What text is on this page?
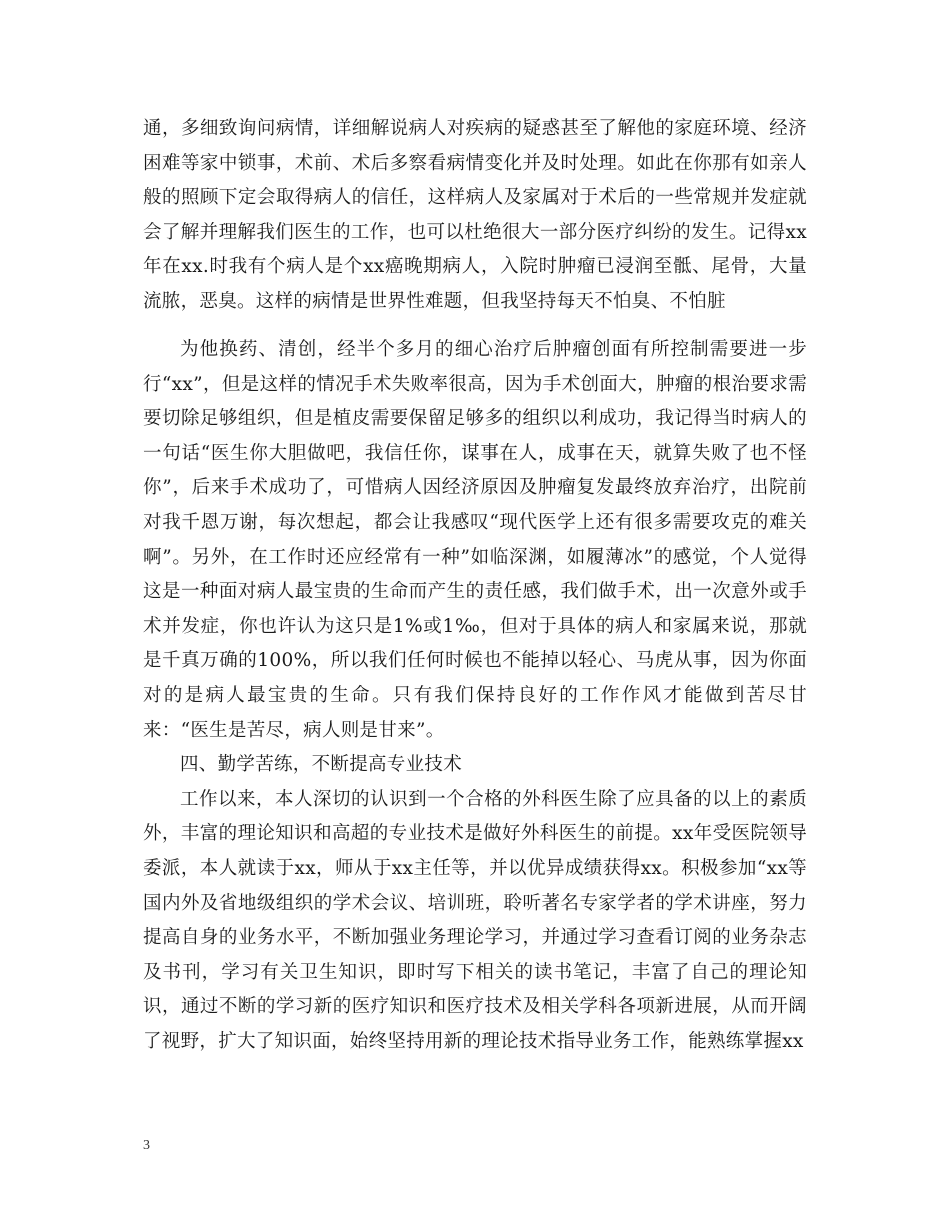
通，多细致询问病情，详细解说病人对疾病的疑惑甚至了解他的家庭环境、经济困难等家中锁事，术前、术后多察看病情变化并及时处理。如此在你那有如亲人般的照顾下定会取得病人的信任，这样病人及家属对于术后的一些常规并发症就会了解并理解我们医生的工作，也可以杜绝很大一部分医疗纠纷的发生。记得xx年在xx.时我有个病人是个xx癌晚期病人，入院时肿瘤已浸润至骶、尾骨，大量流脓，恶臭。这样的病情是世界性难题，但我坚持每天不怕臭、不怕脏

为他换药、清创，经半个多月的细心治疗后肿瘤创面有所控制需要进一步行“xx”，但是这样的情况手术失败率很高，因为手术创面大，肿瘤的根治要求需要切除足够组织，但是植皮需要保留足够多的组织以利成功，我记得当时病人的一句话“医生你大胆做吧，我信任你，谋事在人，成事在天，就算失败了也不怪你”，后来手术成功了，可惜病人因经济原因及肿瘤复发最终放弃治疗，出院前对我千恩万谢，每次想起，都会让我感叹“现代医学上还有很多需要攻克的难关啊”。另外，在工作时还应经常有一种”如临深渊，如履薄冰”的感觉，个人觉得这是一种面对病人最宝贵的生命而产生的责任感，我们做手术，出一次意外或手术并发症，你也许认为这只是1%或1‰，但对于具体的病人和家属来说，那就是千真万确的100%，所以我们任何时候也不能掉以轻心、马虎从事，因为你面对的是病人最宝贵的生命。只有我们保持良好的工作作风才能做到苦尽甘来：“医生是苦尽，病人则是甘来”。

四、勤学苦练，不断提高专业技术

工作以来，本人深切的认识到一个合格的外科医生除了应具备的以上的素质外，丰富的理论知识和高超的专业技术是做好外科医生的前提。xx年受医院领导委派，本人就读于xx，师从于xx主任等，并以优异成绩获得xx。积极参加“xx等国内外及省地级组织的学术会议、培训班，聆听著名专家学者的学术讲座，努力提高自身的业务水平，不断加强业务理论学习，并通过学习查看订阅的业务杂志及书刊，学习有关卫生知识，即时写下相关的读书笔记，丰富了自己的理论知识，通过不断的学习新的医疗知识和医疗技术及相关学科各项新进展，从而开阔了视野，扩大了知识面，始终坚持用新的理论技术指导业务工作，能熟练掌握xx

3
